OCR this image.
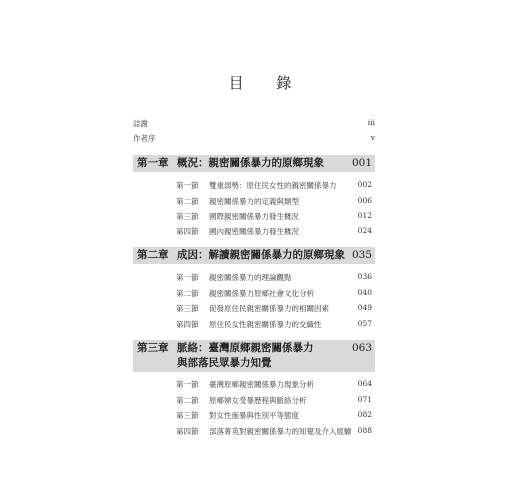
目 錄
誌謝	iii
作者序	v
第一章 概況：親密關係暴力的原鄉現象	001
第一節 雙重弱勢：原住民女性的親密關係暴力	002
第二節 親密關係暴力的定義與類型	006
第三節 國際親密關係暴力發生概況	012
第四節 國內親密關係暴力發生概況	024
第二章 成因：解讀親密關係暴力的原鄉現象 035
第一節 親密關係暴力的理論觀點	036
第二節 親密關係暴力原鄉社會文化分析	040
第三節 促發原住民親密關係暴力的相關因素	049
第四節 原住民女性親密關係暴力的交織性	057
第三章 脈絡：臺灣原鄉親密關係暴力
與部落民眾暴力知覺
063
第一節 臺灣原鄉親密關係暴力現象分析	064
第二節 原鄉婦女受暴歷程與脈絡分析	071
第三節 對女性施暴與性別平等態度	082
第四節 部落菁英對親密關係暴力的知覺及介入經驗 088
